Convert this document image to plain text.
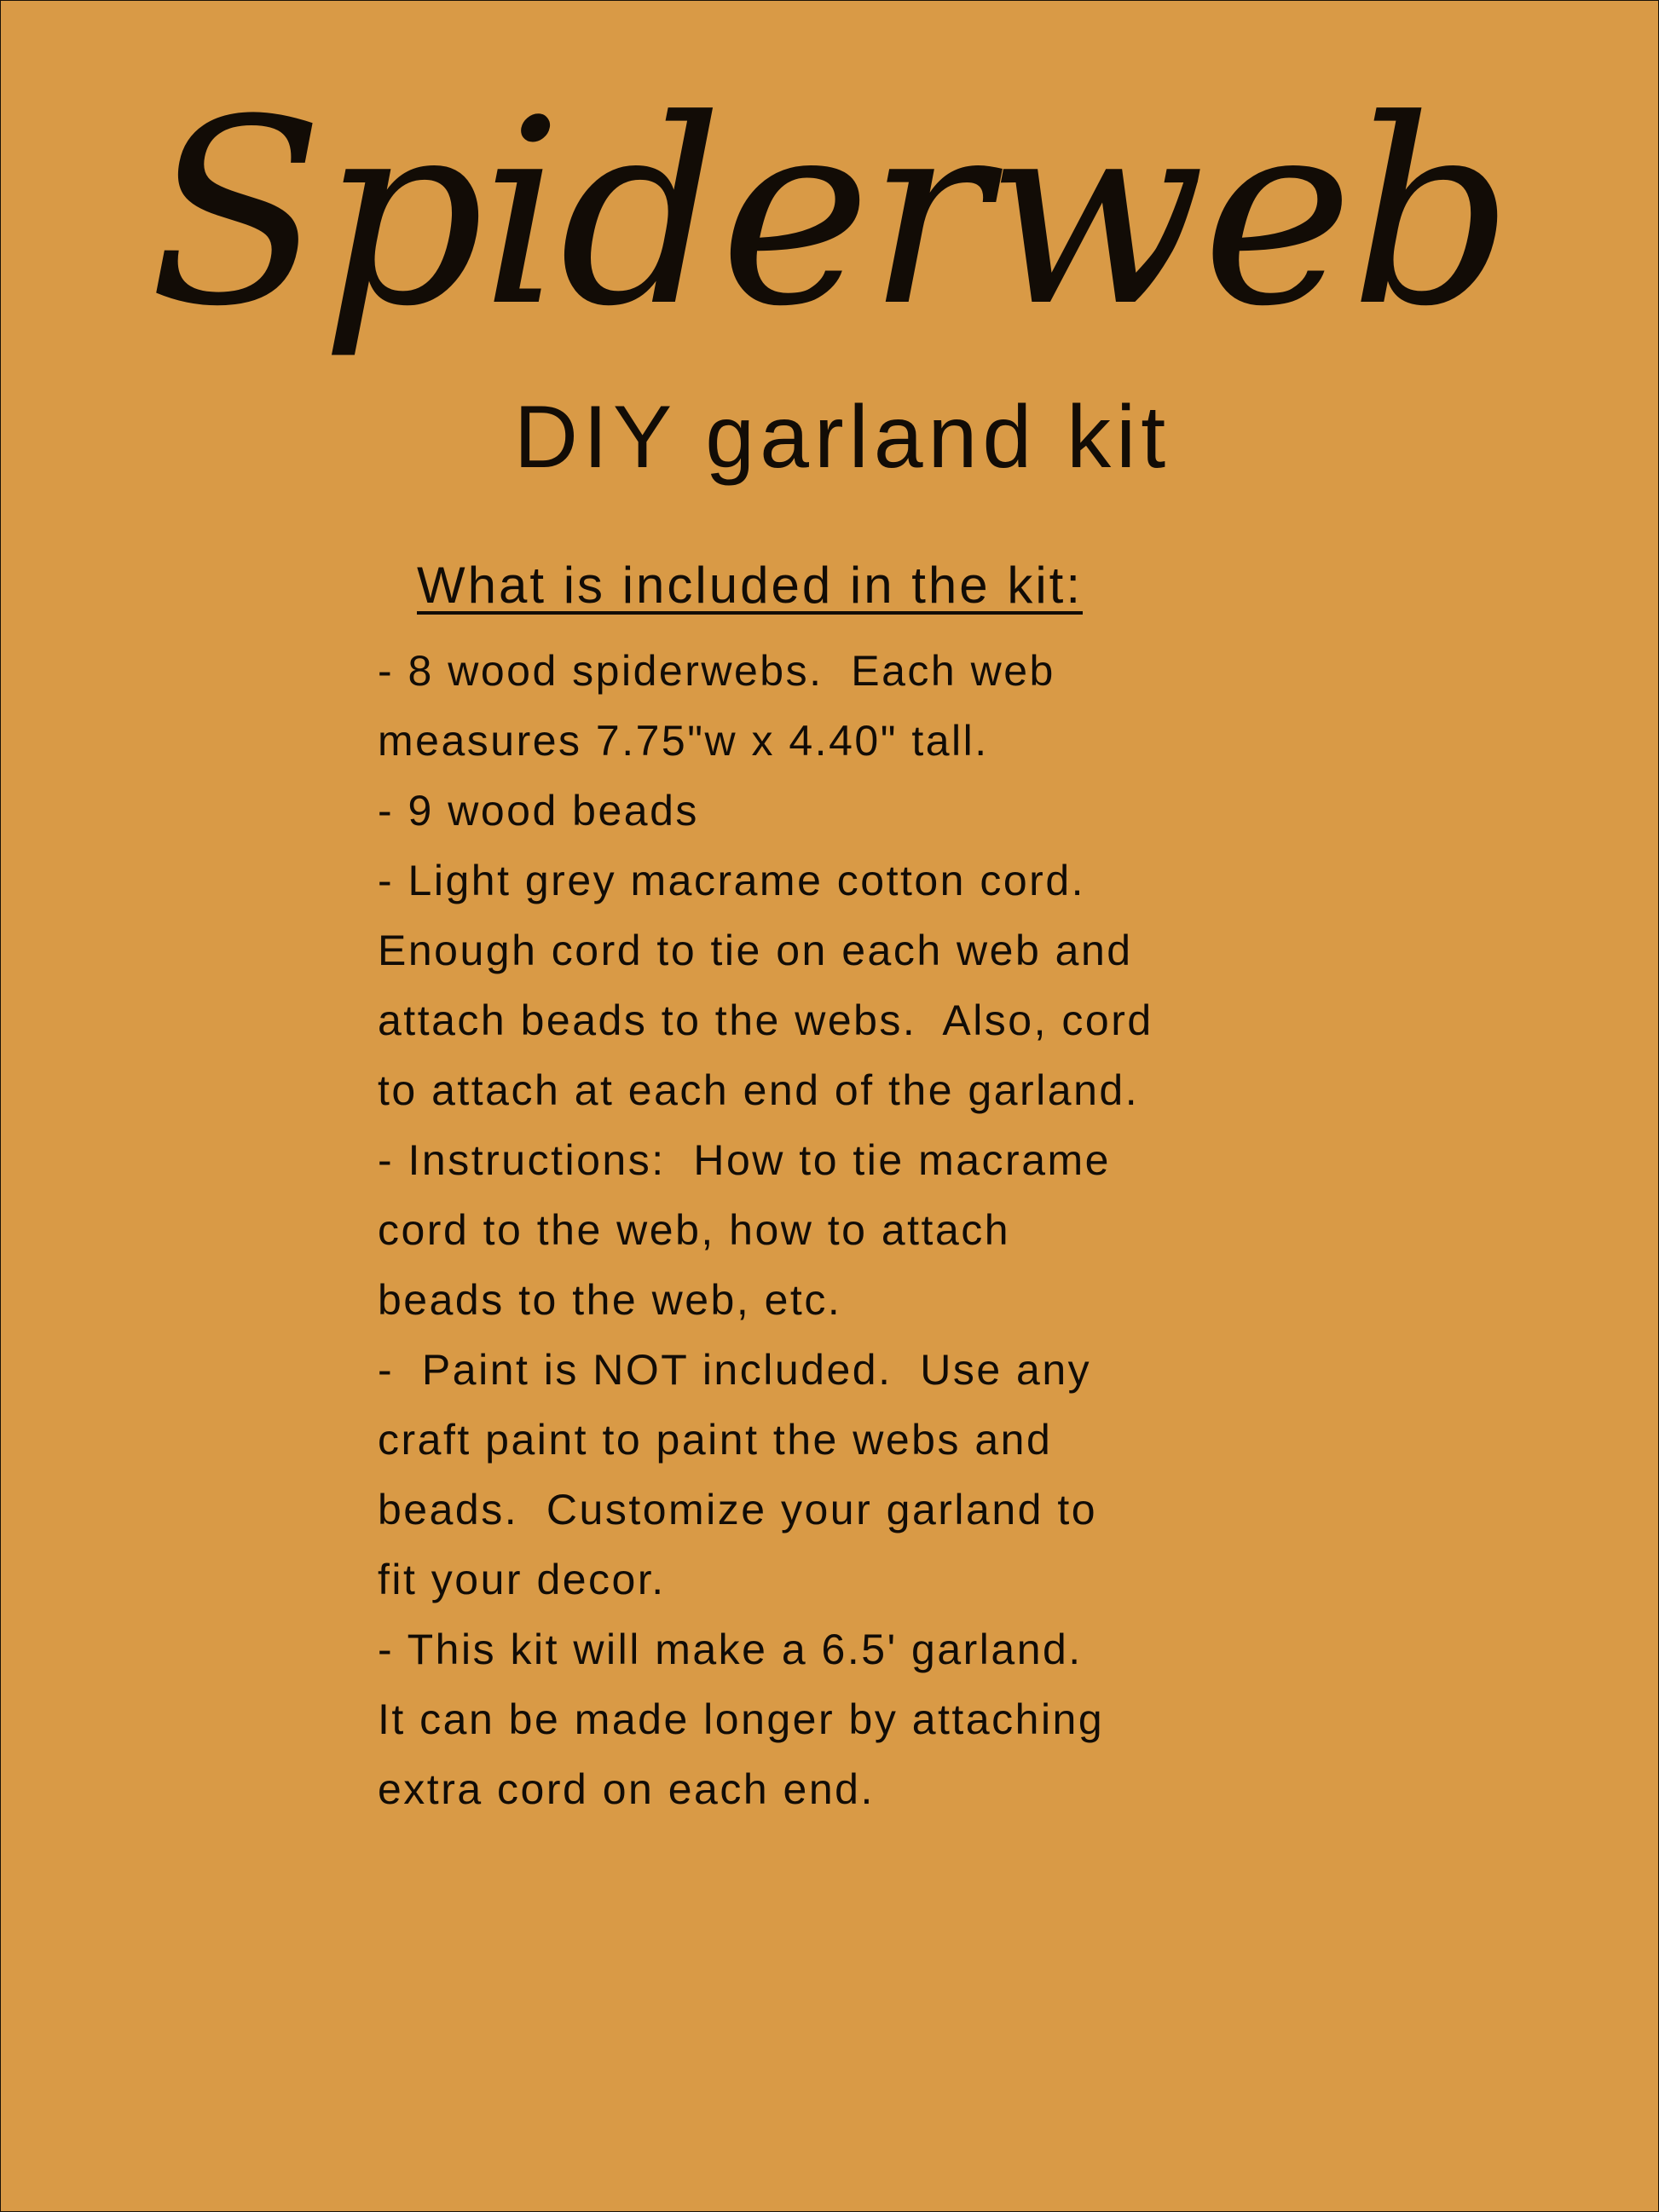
Spiderweb
DIY garland kit
What is included in the kit:
- 8 wood spiderwebs.  Each web
measures 7.75"w x 4.40" tall.
- 9 wood beads
- Light grey macrame cotton cord.
Enough cord to tie on each web and
attach beads to the webs.  Also, cord
to attach at each end of the garland.
- Instructions:  How to tie macrame
cord to the web, how to attach
beads to the web, etc.
-  Paint is NOT included.  Use any
craft paint to paint the webs and
beads.  Customize your garland to
fit your decor.
- This kit will make a 6.5' garland.
It can be made longer by attaching
extra cord on each end.
